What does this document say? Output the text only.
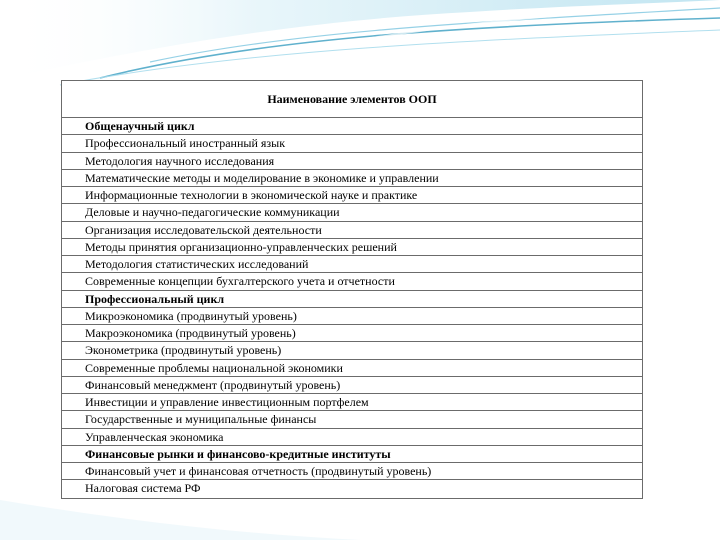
Наименование элементов ООП
Общенаучный цикл
Профессиональный иностранный язык
Методология научного исследования
Математические методы и моделирование в экономике и управлении
Информационные технологии в экономической науке и практике
Деловые и научно-педагогические коммуникации
Организация исследовательской деятельности
Методы принятия организационно-управленческих решений
Методология статистических исследований
Современные концепции бухгалтерского учета и отчетности
Профессиональный цикл
Микроэкономика (продвинутый уровень)
Макроэкономика (продвинутый уровень)
Эконометрика (продвинутый уровень)
Современные проблемы национальной экономики
Финансовый менеджмент (продвинутый уровень)
Инвестиции и управление инвестиционным портфелем
Государственные и муниципальные финансы
Управленческая экономика
Финансовые рынки и финансово-кредитные институты
Финансовый учет и финансовая отчетность (продвинутый уровень)
Налоговая система РФ
